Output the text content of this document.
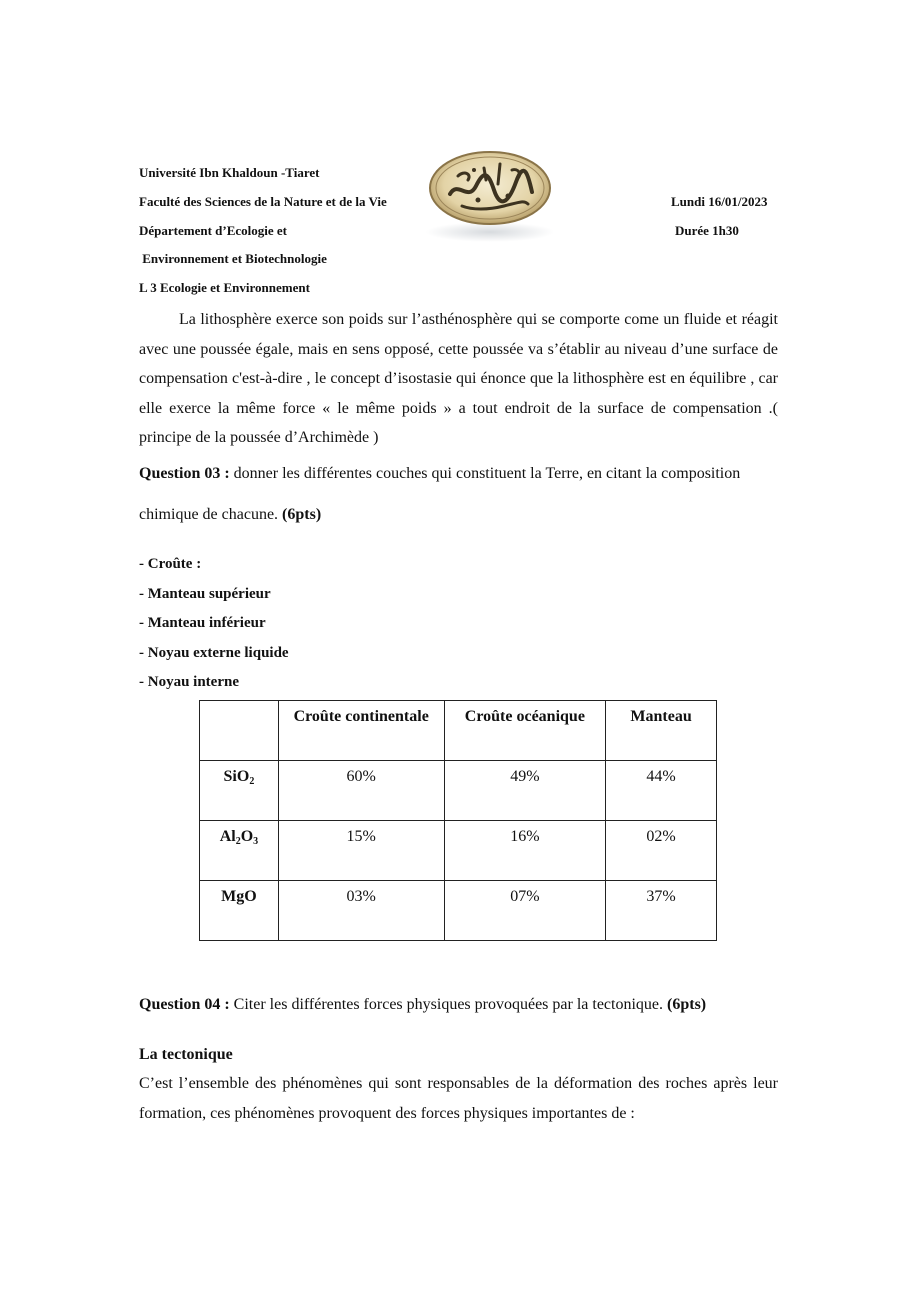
Université Ibn Khaldoun -Tiaret
Faculté des Sciences de la Nature et de la Vie
Département d’Ecologie et
Environnement et Biotechnologie
L 3 Ecologie et Environnement
Lundi 16/01/2023
Durée 1h30
La lithosphère exerce son poids sur l’asthénosphère qui se comporte come un fluide et réagit avec une poussée égale, mais en sens opposé, cette poussée va s’établir au niveau d’une surface de compensation c'est-à-dire , le concept d’isostasie qui énonce que la lithosphère est en équilibre , car elle exerce la même force « le même poids » a tout endroit de la surface de compensation .( principe de la poussée d’Archimède )
Question 03 : donner les différentes couches qui constituent la Terre, en citant la composition
chimique de chacune. (6pts)
- Croûte :
- Manteau supérieur
- Manteau inférieur
- Noyau externe liquide
- Noyau interne
	Croûte continentale	Croûte océanique	Manteau
SiO$_2$	60%	49%	44%
$Al_2O_3$	15%	16%	02%
MgO	03%	07%	37%
Question 04 : Citer les différentes forces physiques provoquées par la tectonique. (6pts)
La tectonique
C’est l’ensemble des phénomènes qui sont responsables de la déformation des roches après leur formation, ces phénomènes provoquent des forces physiques importantes de :
